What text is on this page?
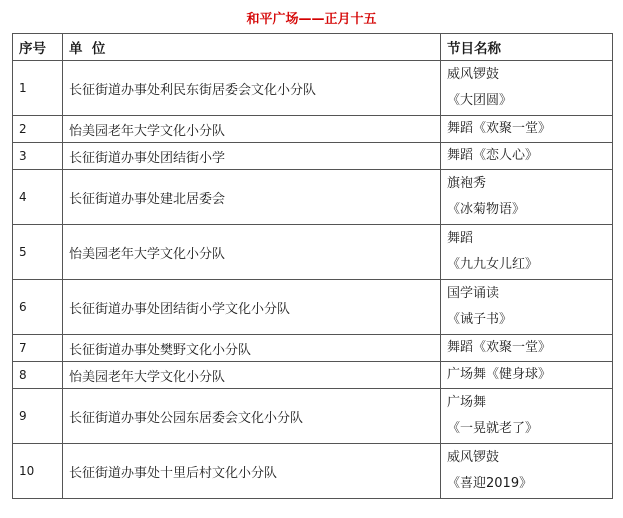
和平广场——正月十五
序号	单  位	节目名称
1	长征街道办事处利民东街居委会文化小分队	威风锣鼓
《大团圆》

2	怡美园老年大学文化小分队	舞蹈《欢聚一堂》

3	长征街道办事处团结街小学	舞蹈《恋人心》

4	长征街道办事处建北居委会	旗袍秀
《冰菊物语》

5	怡美园老年大学文化小分队	舞蹈
《九九女儿红》

6	长征街道办事处团结街小学文化小分队	国学诵读
《诫子书》

7	长征街道办事处樊野文化小分队	舞蹈《欢聚一堂》

8	怡美园老年大学文化小分队	广场舞《健身球》

9	长征街道办事处公园东居委会文化小分队	广场舞
《一晃就老了》

10	长征街道办事处十里后村文化小分队	威风锣鼓
《喜迎2019》
